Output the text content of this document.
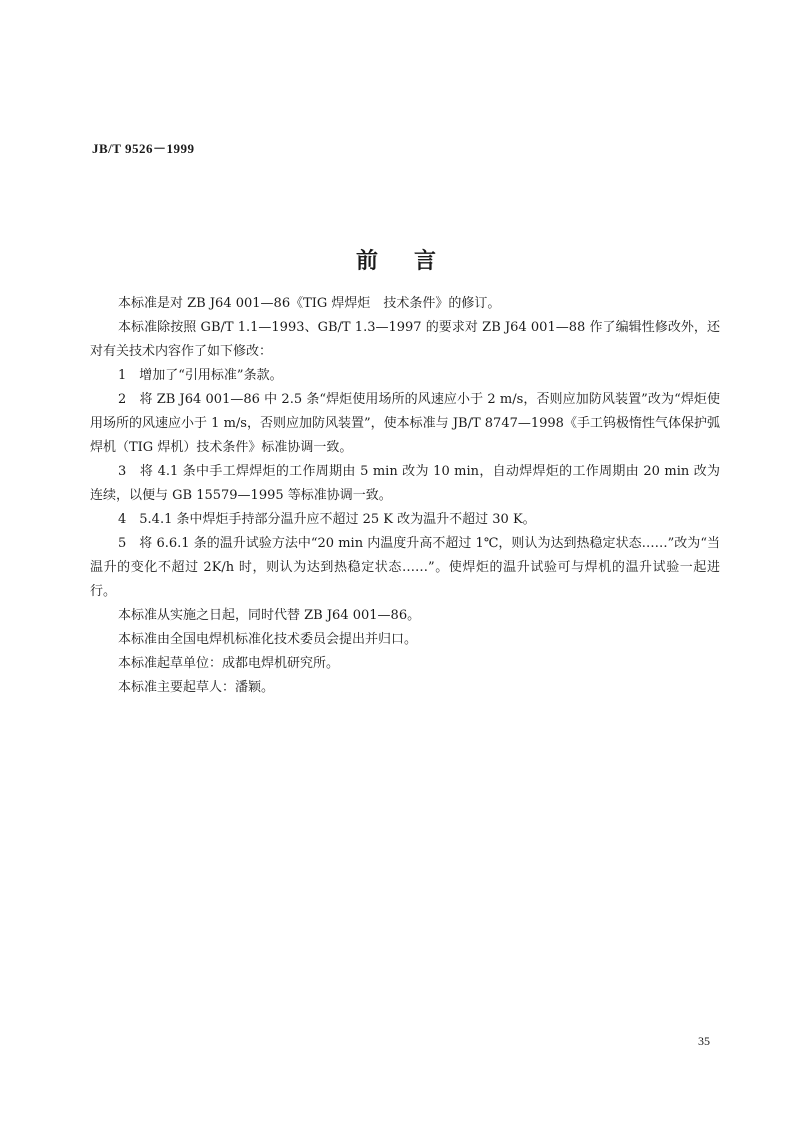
JB/T 9526－1999
前言

本标准是对 ZB J64 001—86《TIG 焊焊炬　技术条件》的修订。

本标准除按照 GB/T 1.1—1993、GB/T 1.3—1997 的要求对 ZB J64 001—88 作了编辑性修改外，还对有关技术内容作了如下修改：

1　增加了“引用标准”条款。

2　将 ZB J64 001—86 中 2.5 条“焊炬使用场所的风速应小于 2 m/s，否则应加防风装置”改为“焊炬使用场所的风速应小于 1 m/s，否则应加防风装置”，使本标准与 JB/T 8747—1998《手工钨极惰性气体保护弧焊机（TIG 焊机）技术条件》标准协调一致。

3　将 4.1 条中手工焊焊炬的工作周期由 5 min 改为 10 min，自动焊焊炬的工作周期由 20 min 改为连续，以便与 GB 15579—1995 等标准协调一致。

4　5.4.1 条中焊炬手持部分温升应不超过 25 K 改为温升不超过 30 K。

5　将 6.6.1 条的温升试验方法中“20 min 内温度升高不超过 1℃，则认为达到热稳定状态……”改为“当温升的变化不超过 2K/h 时，则认为达到热稳定状态……”。使焊炬的温升试验可与焊机的温升试验一起进行。

本标准从实施之日起，同时代替 ZB J64 001—86。

本标准由全国电焊机标准化技术委员会提出并归口。

本标准起草单位：成都电焊机研究所。

本标准主要起草人：潘颖。

35
